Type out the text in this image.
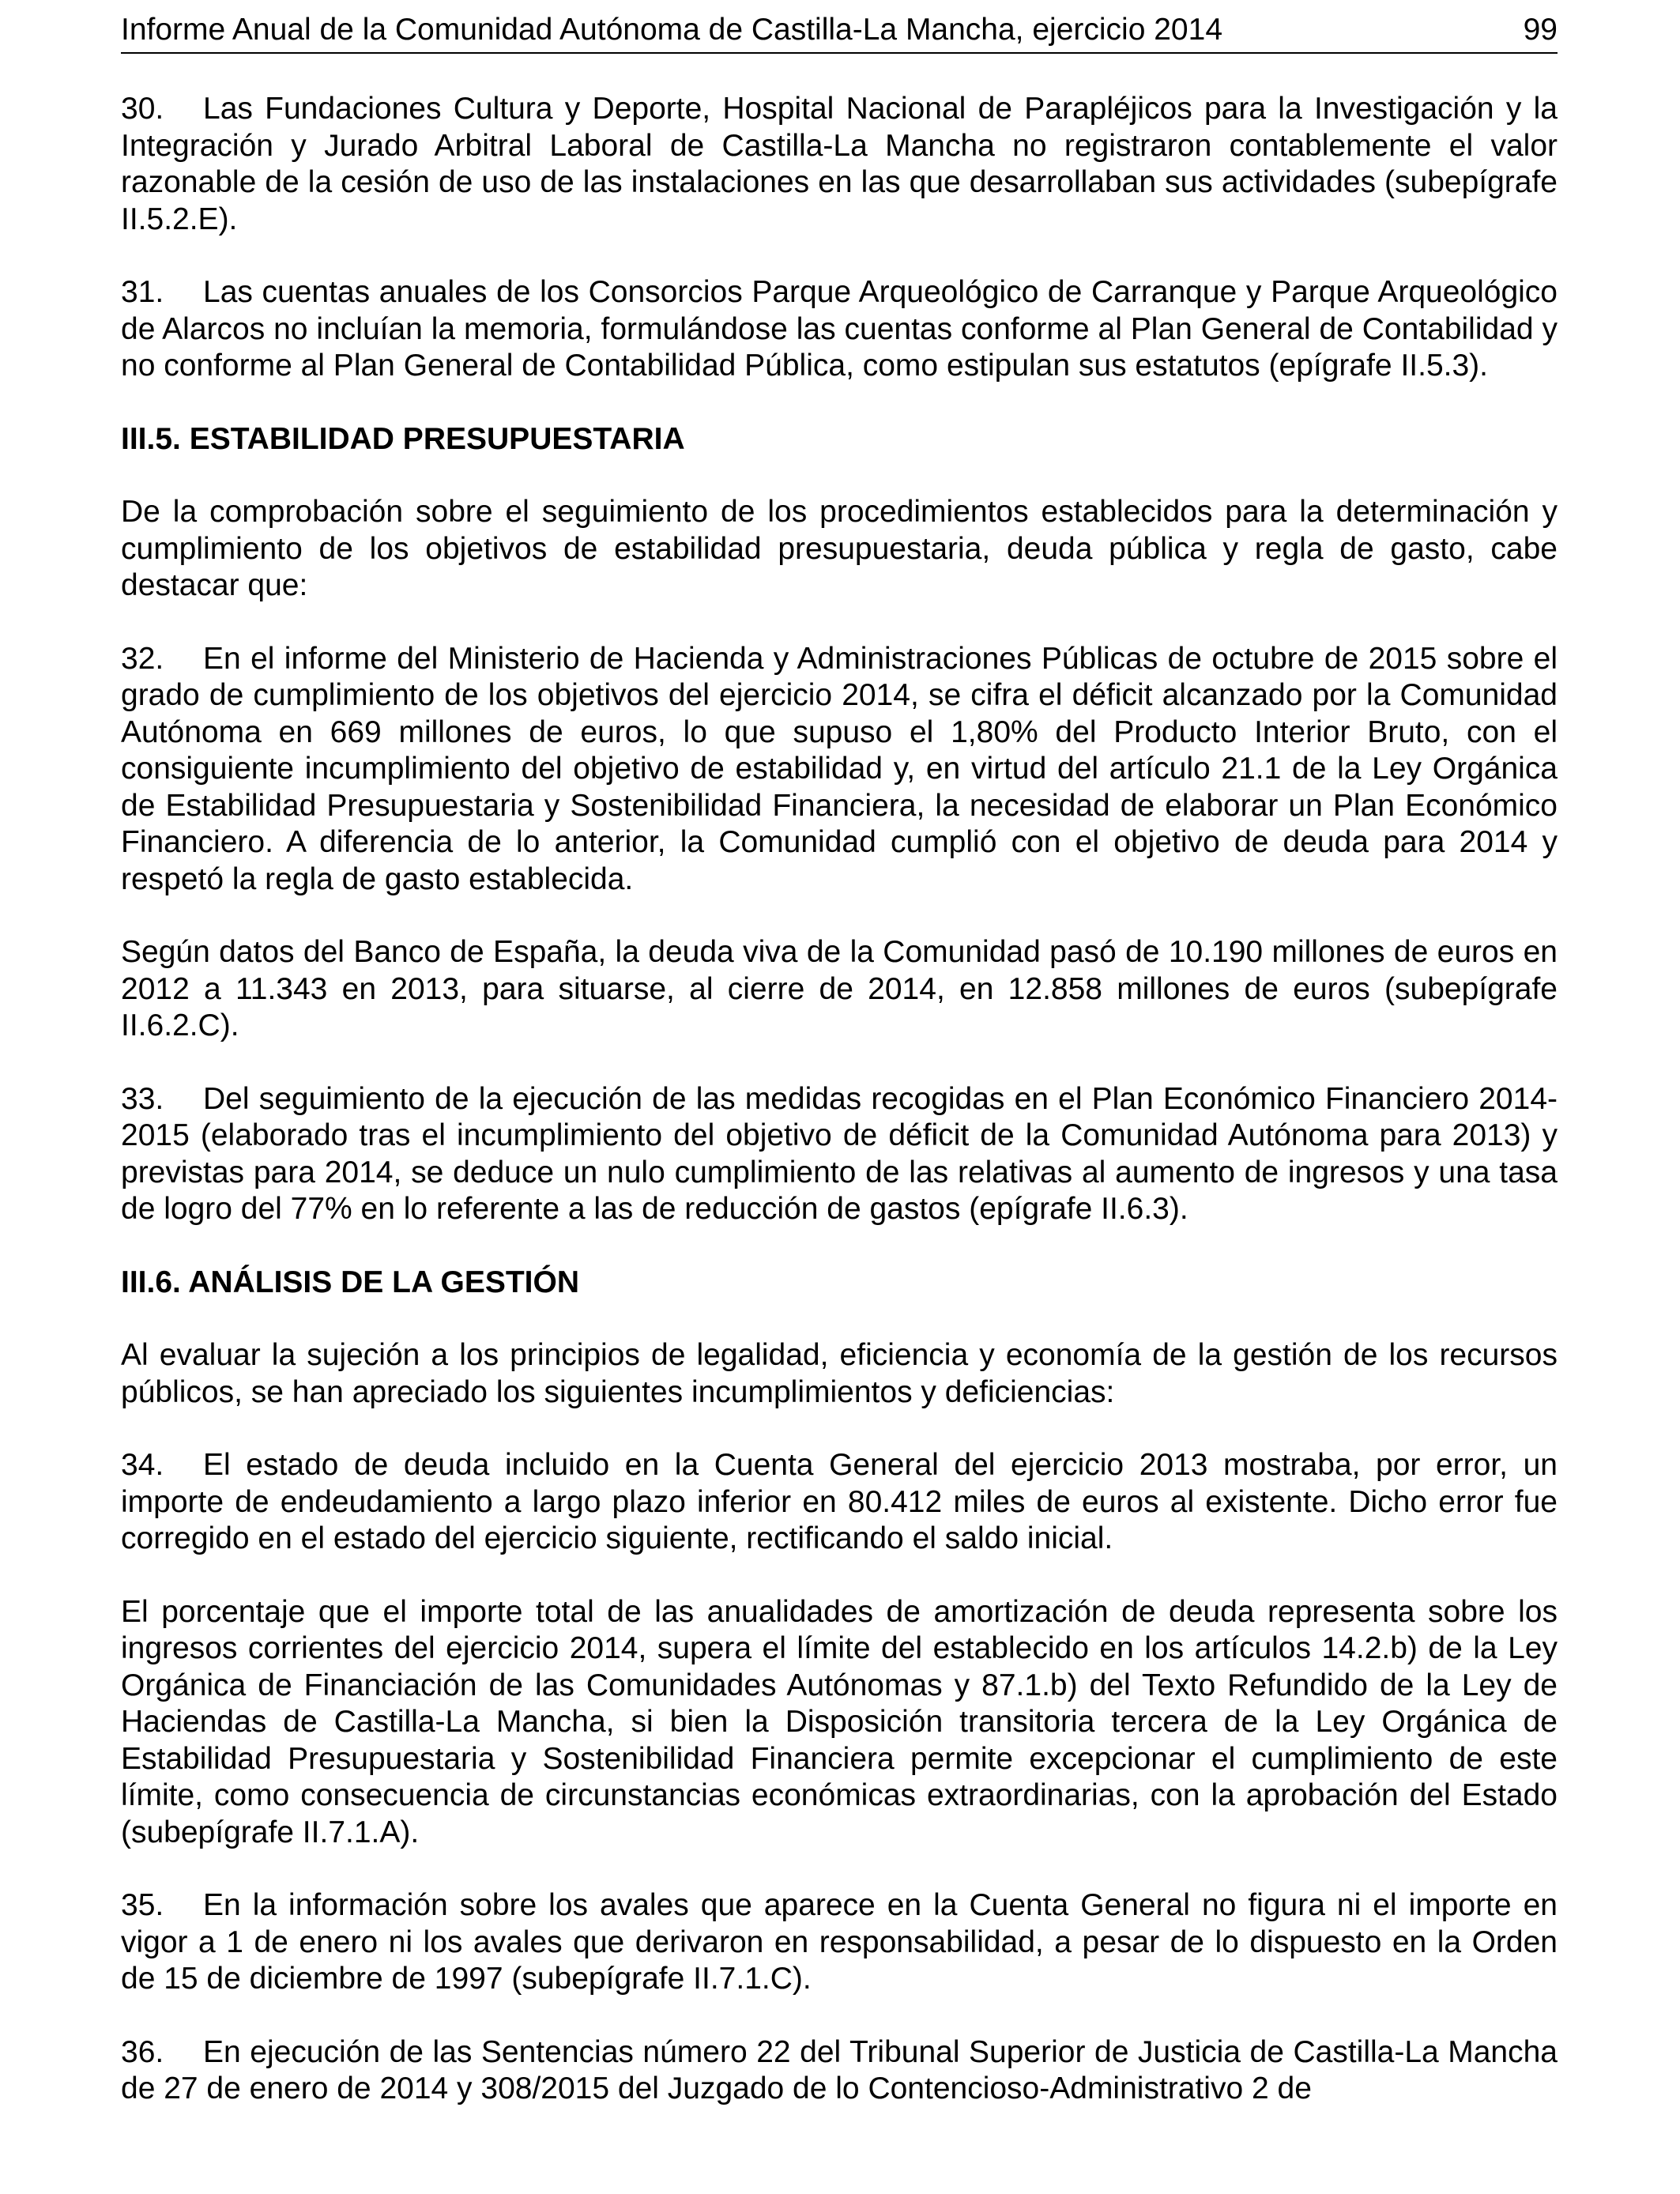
Informe Anual de la Comunidad Autónoma de Castilla-La Mancha, ejercicio 2014	99

30. Las Fundaciones Cultura y Deporte, Hospital Nacional de Parapléjicos para la Investigación y la Integración y Jurado Arbitral Laboral de Castilla-La Mancha no registraron contablemente el valor razonable de la cesión de uso de las instalaciones en las que desarrollaban sus actividades (subepígrafe II.5.2.E).

31. Las cuentas anuales de los Consorcios Parque Arqueológico de Carranque y Parque Arqueológico de Alarcos no incluían la memoria, formulándose las cuentas conforme al Plan General de Contabilidad y no conforme al Plan General de Contabilidad Pública, como estipulan sus estatutos (epígrafe II.5.3).

III.5. ESTABILIDAD PRESUPUESTARIA

De la comprobación sobre el seguimiento de los procedimientos establecidos para la determinación y cumplimiento de los objetivos de estabilidad presupuestaria, deuda pública y regla de gasto, cabe destacar que:

32. En el informe del Ministerio de Hacienda y Administraciones Públicas de octubre de 2015 sobre el grado de cumplimiento de los objetivos del ejercicio 2014, se cifra el déficit alcanzado por la Comunidad Autónoma en 669 millones de euros, lo que supuso el 1,80% del Producto Interior Bruto, con el consiguiente incumplimiento del objetivo de estabilidad y, en virtud del artículo 21.1 de la Ley Orgánica de Estabilidad Presupuestaria y Sostenibilidad Financiera, la necesidad de elaborar un Plan Económico Financiero. A diferencia de lo anterior, la Comunidad cumplió con el objetivo de deuda para 2014 y respetó la regla de gasto establecida.

Según datos del Banco de España, la deuda viva de la Comunidad pasó de 10.190 millones de euros en 2012 a 11.343 en 2013, para situarse, al cierre de 2014, en 12.858 millones de euros (subepígrafe II.6.2.C).

33. Del seguimiento de la ejecución de las medidas recogidas en el Plan Económico Financiero 2014-2015 (elaborado tras el incumplimiento del objetivo de déficit de la Comunidad Autónoma para 2013) y previstas para 2014, se deduce un nulo cumplimiento de las relativas al aumento de ingresos y una tasa de logro del 77% en lo referente a las de reducción de gastos (epígrafe II.6.3).

III.6. ANÁLISIS DE LA GESTIÓN

Al evaluar la sujeción a los principios de legalidad, eficiencia y economía de la gestión de los recursos públicos, se han apreciado los siguientes incumplimientos y deficiencias:

34. El estado de deuda incluido en la Cuenta General del ejercicio 2013 mostraba, por error, un importe de endeudamiento a largo plazo inferior en 80.412 miles de euros al existente. Dicho error fue corregido en el estado del ejercicio siguiente, rectificando el saldo inicial.

El porcentaje que el importe total de las anualidades de amortización de deuda representa sobre los ingresos corrientes del ejercicio 2014, supera el límite del establecido en los artículos 14.2.b) de la Ley Orgánica de Financiación de las Comunidades Autónomas y 87.1.b) del Texto Refundido de la Ley de Haciendas de Castilla-La Mancha, si bien la Disposición transitoria tercera de la Ley Orgánica de Estabilidad Presupuestaria y Sostenibilidad Financiera permite excepcionar el cumplimiento de este límite, como consecuencia de circunstancias económicas extraordinarias, con la aprobación del Estado (subepígrafe II.7.1.A).

35. En la información sobre los avales que aparece en la Cuenta General no figura ni el importe en vigor a 1 de enero ni los avales que derivaron en responsabilidad, a pesar de lo dispuesto en la Orden de 15 de diciembre de 1997 (subepígrafe II.7.1.C).

36. En ejecución de las Sentencias número 22 del Tribunal Superior de Justicia de Castilla-La Mancha de 27 de enero de 2014 y 308/2015 del Juzgado de lo Contencioso-Administrativo 2 de
